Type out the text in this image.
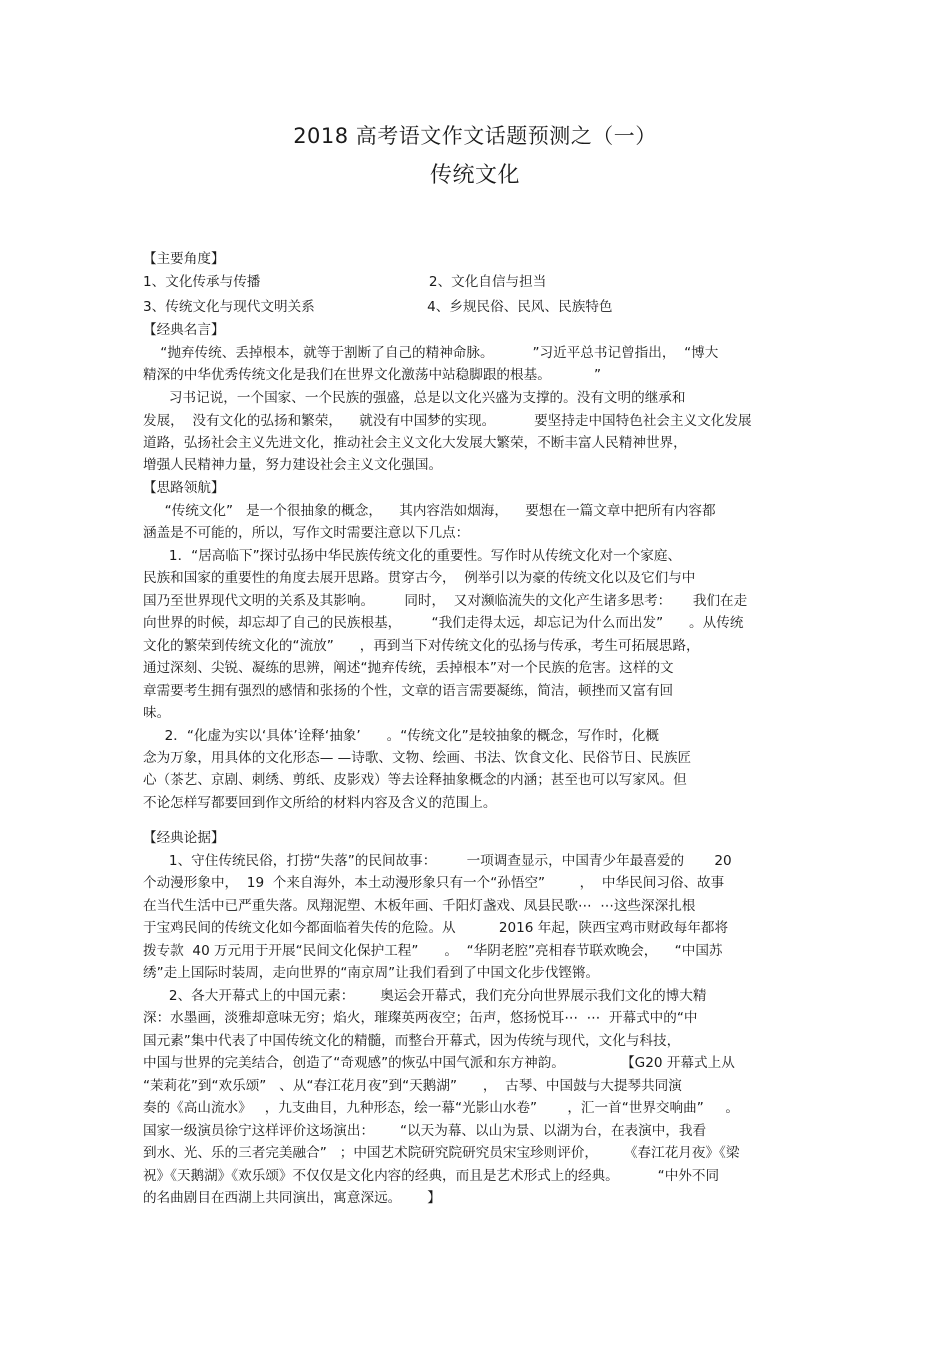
2018 高考语文作文话题预测之（一）
传统文化
【主要角度】
1、文化传承与传播                                       2、文化自信与担当
3、传统文化与现代文明关系                          4、乡规民俗、民风、民族特色
【经典名言】
“抛弃传统、丢掉根本，就等于割断了自己的精神命脉。         ”习近平总书记曾指出，  “博大
精深的中华优秀传统文化是我们在世界文化激荡中站稳脚跟的根基。          ”
习书记说，一个国家、一个民族的强盛，总是以文化兴盛为支撑的。没有文明的继承和
发展，  没有文化的弘扬和繁荣，    就没有中国梦的实现。         要坚持走中国特色社会主义文化发展
道路，弘扬社会主义先进文化，推动社会主义文化大发展大繁荣，不断丰富人民精神世界，
增强人民精神力量，努力建设社会主义文化强国。
【思路领航】
“传统文化”   是一个很抽象的概念，    其内容浩如烟海，    要想在一篇文章中把所有内容都
涵盖是不可能的，所以，写作文时需要注意以下几点：
1．“居高临下”探讨弘扬中华民族传统文化的重要性。写作时从传统文化对一个家庭、
民族和国家的重要性的角度去展开思路。贯穿古今，  例举引以为豪的传统文化以及它们与中
国乃至世界现代文明的关系及其影响。       同时，  又对濒临流失的文化产生诸多思考：     我们在走
向世界的时候，却忘却了自己的民族根基，       “我们走得太远，却忘记为什么而出发”      。从传统
文化的繁荣到传统文化的“流放”      ，再到当下对传统文化的弘扬与传承，考生可拓展思路，
通过深刻、尖锐、凝练的思辨，阐述“抛弃传统，丢掉根本”对一个民族的危害。这样的文
章需要考生拥有强烈的感情和张扬的个性，文章的语言需要凝练，简洁，顿挫而又富有回
味。
2．“化虚为实以‘具体’诠释‘抽象’      。“传统文化”是较抽象的概念，写作时，化概
念为万象，用具体的文化形态— —诗歌、文物、绘画、书法、饮食文化、民俗节日、民族匠
心（茶艺、京剧、刺绣、剪纸、皮影戏）等去诠释抽象概念的内涵；甚至也可以写家风。但
不论怎样写都要回到作文所给的材料内容及含义的范围上。
【经典论据】
1、守住传统民俗，打捞“失落”的民间故事：       一项调查显示，中国青少年最喜爱的       20
个动漫形象中，  19  个来自海外，本土动漫形象只有一个“孙悟空”        ，  中华民间习俗、故事
在当代生活中已严重失落。凤翔泥塑、木板年画、千阳灯盏戏、凤县民歌⋯  ⋯这些深深扎根
于宝鸡民间的传统文化如今都面临着失传的危险。从          2016 年起，陕西宝鸡市财政每年都将
拨专款  40 万元用于开展“民间文化保护工程”      。  “华阴老腔”亮相春节联欢晚会，    “中国苏
绣”走上国际时装周，走向世界的“南京周”让我们看到了中国文化步伐铿锵。
2、各大开幕式上的中国元素：      奥运会开幕式，我们充分向世界展示我们文化的博大精
深：水墨画，淡雅却意味无穷；焰火，璀璨英两夜空；缶声，悠扬悦耳⋯  ⋯  开幕式中的“中
国元素”集中代表了中国传统文化的精髓，而整台开幕式，因为传统与现代，文化与科技，
中国与世界的完美结合，创造了“奇观感”的恢弘中国气派和东方神韵。             【G20 开幕式上从
“茉莉花”到“欢乐颂”   、从“春江花月夜”到“天鹅湖”      ，  古琴、中国鼓与大提琴共同演
奏的《高山流水》   ，九支曲目，九种形态，绘一幕“光影山水卷”       ，汇一首“世界交响曲”     。
国家一级演员徐宁这样评价这场演出：      “以天为幕、以山为景、以湖为台，在表演中，我看
到水、光、乐的三者完美融合”   ；中国艺术院研究院研究员宋宝珍则评价，      《春江花月夜》《梁
祝》《天鹅湖》《欢乐颂》不仅仅是文化内容的经典，而且是艺术形式上的经典。         “中外不同
的名曲剧目在西湖上共同演出，寓意深远。      】
